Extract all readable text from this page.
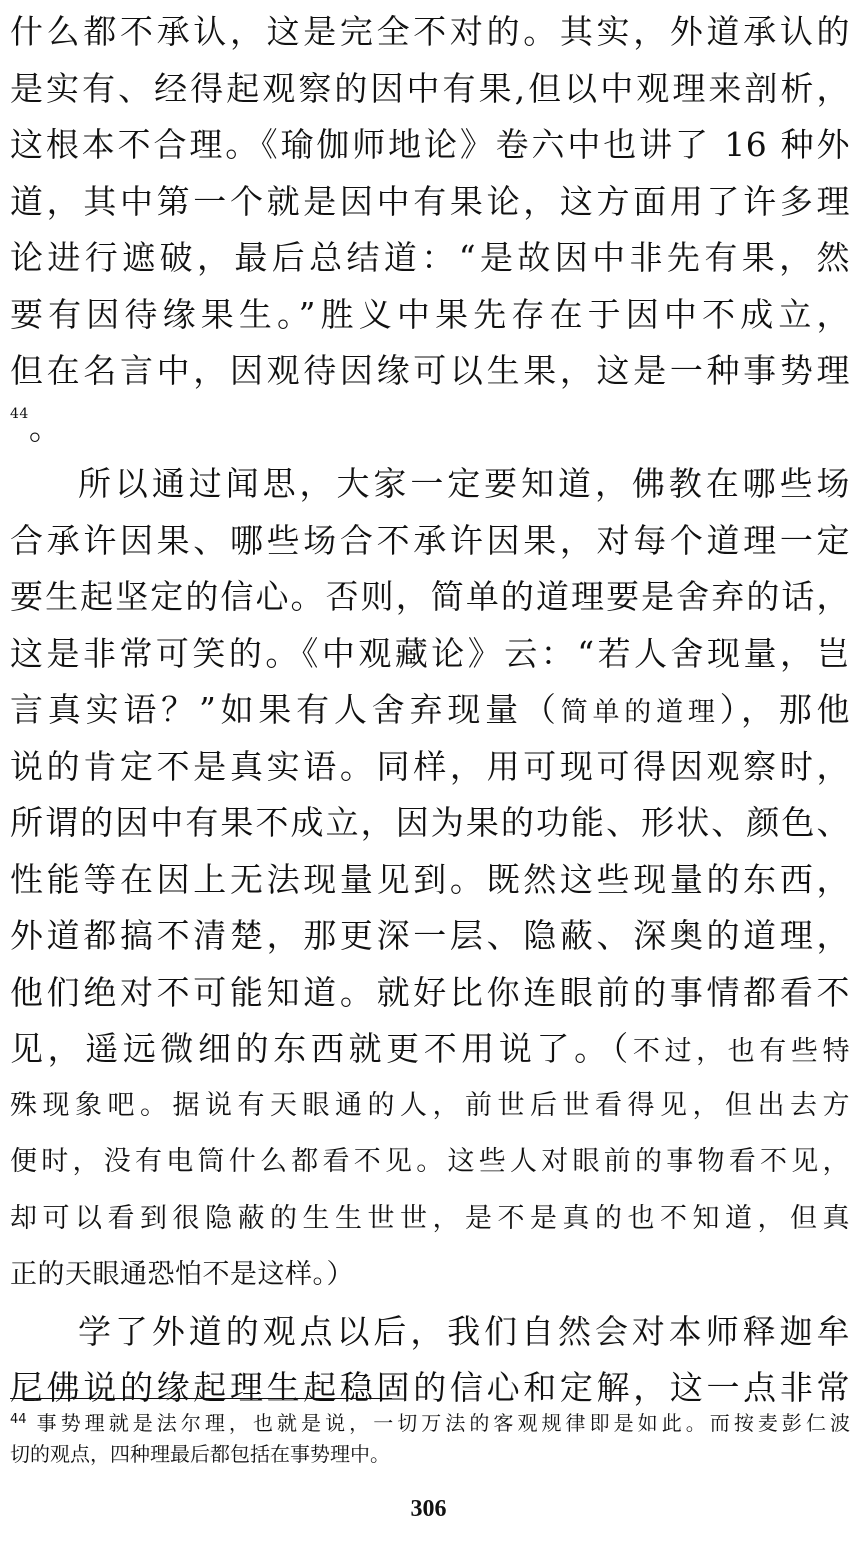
什么都不承认，这是完全不对的。其实，外道承认的
是实有、经得起观察的因中有果,但以中观理来剖析，
这根本不合理。《瑜伽师地论》卷六中也讲了 16 种外
道，其中第一个就是因中有果论，这方面用了许多理
论进行遮破，最后总结道：“是故因中非先有果，然
要有因待缘果生。”胜义中果先存在于因中不成立，
但在名言中，因观待因缘可以生果，这是一种事势理
$^{44}$。
所以通过闻思，大家一定要知道，佛教在哪些场
合承许因果、哪些场合不承许因果，对每个道理一定
要生起坚定的信心。否则，简单的道理要是舍弃的话，
这是非常可笑的。《中观藏论》云：“若人舍现量，岂
言真实语？”如果有人舍弃现量（简单的道理），那他
说的肯定不是真实语。同样，用可现可得因观察时，
所谓的因中有果不成立，因为果的功能、形状、颜色、
性能等在因上无法现量见到。既然这些现量的东西，
外道都搞不清楚，那更深一层、隐蔽、深奥的道理，
他们绝对不可能知道。就好比你连眼前的事情都看不
见，遥远微细的东西就更不用说了。（不过，也有些特
殊现象吧。据说有天眼通的人，前世后世看得见，但出去方
便时，没有电筒什么都看不见。这些人对眼前的事物看不见，
却可以看到很隐蔽的生生世世，是不是真的也不知道，但真
正的天眼通恐怕不是这样。）
学了外道的观点以后，我们自然会对本师释迦牟
尼佛说的缘起理生起稳固的信心和定解，这一点非常
$^{44}$ 事势理就是法尔理，也就是说，一切万法的客观规律即是如此。而按麦彭仁波
切的观点，四种理最后都包括在事势理中。
306
